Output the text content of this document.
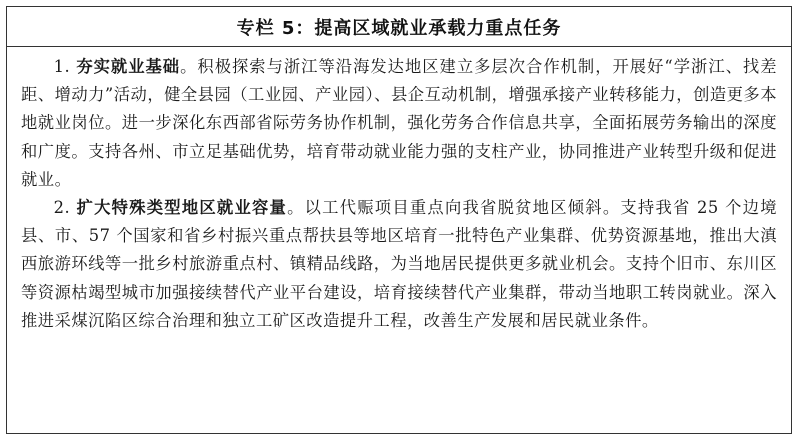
专栏 5：提高区域就业承载力重点任务

1. 夯实就业基础。积极探索与浙江等沿海发达地区建立多层次合作机制，开展好“学浙江、找差距、增动力”活动，健全县园（工业园、产业园）、县企互动机制，增强承接产业转移能力，创造更多本地就业岗位。进一步深化东西部省际劳务协作机制，强化劳务合作信息共享，全面拓展劳务输出的深度和广度。支持各州、市立足基础优势，培育带动就业能力强的支柱产业，协同推进产业转型升级和促进就业。

2. 扩大特殊类型地区就业容量。以工代赈项目重点向我省脱贫地区倾斜。支持我省 25 个边境县、市、57 个国家和省乡村振兴重点帮扶县等地区培育一批特色产业集群、优势资源基地，推出大滇西旅游环线等一批乡村旅游重点村、镇精品线路，为当地居民提供更多就业机会。支持个旧市、东川区等资源枯竭型城市加强接续替代产业平台建设，培育接续替代产业集群，带动当地职工转岗就业。深入推进采煤沉陷区综合治理和独立工矿区改造提升工程，改善生产发展和居民就业条件。
